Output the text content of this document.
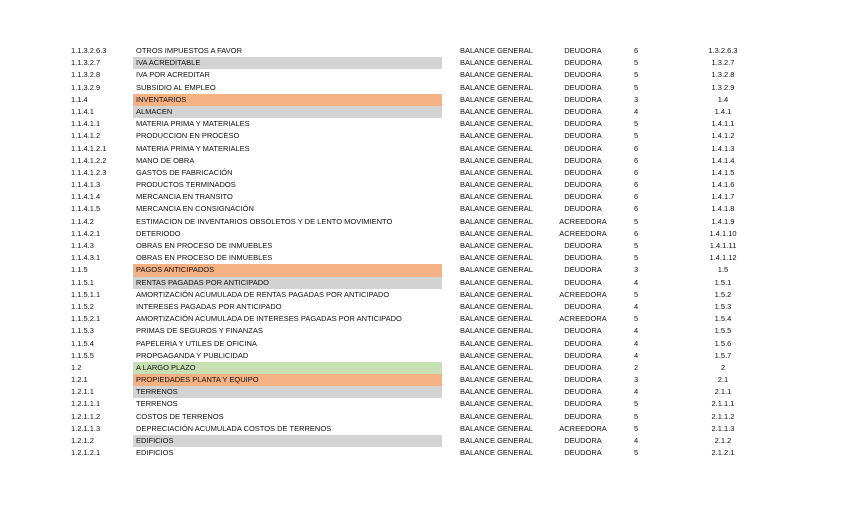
1.1.3.2.6.3	OTROS IMPUESTOS A FAVOR	BALANCE GENERAL	DEUDORA	6	1.3.2.6.3
1.1.3.2.7	IVA ACREDITABLE	BALANCE GENERAL	DEUDORA	5	1.3.2.7
1.1.3.2.8	IVA POR ACREDITAR	BALANCE GENERAL	DEUDORA	5	1.3.2.8
1.1.3.2.9	SUBSIDIO AL EMPLEO	BALANCE GENERAL	DEUDORA	5	1.3.2.9
1.1.4	INVENTARIOS	BALANCE GENERAL	DEUDORA	3	1.4
1.1.4.1	ALMACEN	BALANCE GENERAL	DEUDORA	4	1.4.1
1.1.4.1.1	MATERIA PRIMA Y MATERIALES	BALANCE GENERAL	DEUDORA	5	1.4.1.1
1.1.4.1.2	PRODUCCION EN PROCESO	BALANCE GENERAL	DEUDORA	5	1.4.1.2
1.1.4.1.2.1	MATERIA PRIMA Y MATERIALES	BALANCE GENERAL	DEUDORA	6	1.4.1.3
1.1.4.1.2.2	MANO DE OBRA	BALANCE GENERAL	DEUDORA	6	1.4.1.4
1.1.4.1.2.3	GASTOS DE FABRICACIÓN	BALANCE GENERAL	DEUDORA	6	1.4.1.5
1.1.4.1.3	PRODUCTOS TERMINADOS	BALANCE GENERAL	DEUDORA	6	1.4.1.6
1.1.4.1.4	MERCANCIA EN TRANSITO	BALANCE GENERAL	DEUDORA	6	1.4.1.7
1.1.4.1.5	MERCANCIA EN CONSIGNACIÓN	BALANCE GENERAL	DEUDORA	6	1.4.1.8
1.1.4.2	ESTIMACION DE INVENTARIOS OBSOLETOS Y DE LENTO MOVIMIENTO	BALANCE GENERAL	ACREEDORA	5	1.4.1.9
1.1.4.2.1	DETERIODO	BALANCE GENERAL	ACREEDORA	6	1.4.1.10
1.1.4.3	OBRAS EN PROCESO DE INMUEBLES	BALANCE GENERAL	DEUDORA	5	1.4.1.11
1.1.4.3.1	OBRAS EN PROCESO DE INMUEBLES	BALANCE GENERAL	DEUDORA	5	1.4.1.12
1.1.5	PAGOS ANTICIPADOS	BALANCE GENERAL	DEUDORA	3	1.5
1.1.5.1	RENTAS PAGADAS POR ANTICIPADO	BALANCE GENERAL	DEUDORA	4	1.5.1
1.1.5.1.1	AMORTIZACIÓN ACUMULADA DE RENTAS PAGADAS POR ANTICIPADO	BALANCE GENERAL	ACREEDORA	5	1.5.2
1.1.5.2	INTERESES PAGADAS POR ANTICIPADO	BALANCE GENERAL	DEUDORA	4	1.5.3
1.1.5.2.1	AMORTIZACIÓN ACUMULADA DE INTERESES PAGADAS POR ANTICIPADO	BALANCE GENERAL	ACREEDORA	5	1.5.4
1.1.5.3	PRIMAS DE SEGUROS Y FINANZAS	BALANCE GENERAL	DEUDORA	4	1.5.5
1.1.5.4	PAPELERIA Y UTILES DE OFICINA	BALANCE GENERAL	DEUDORA	4	1.5.6
1.1.5.5	PROPGAGANDA Y PUBLICIDAD	BALANCE GENERAL	DEUDORA	4	1.5.7
1.2	A LARGO PLAZO	BALANCE GENERAL	DEUDORA	2	2
1.2.1	PROPIEDADES PLANTA Y EQUIPO	BALANCE GENERAL	DEUDORA	3	2.1
1.2.1.1	TERRENOS	BALANCE GENERAL	DEUDORA	4	2.1.1
1.2.1.1.1	TERRENOS	BALANCE GENERAL	DEUDORA	5	2.1.1.1
1.2.1.1.2	COSTOS DE TERRENOS	BALANCE GENERAL	DEUDORA	5	2.1.1.2
1.2.1.1.3	DEPRECIACIÓN ACUMULADA COSTOS DE TERRENOS	BALANCE GENERAL	ACREEDORA	5	2.1.1.3
1.2.1.2	EDIFICIOS	BALANCE GENERAL	DEUDORA	4	2.1.2
1.2.1.2.1	EDIFICIOS	BALANCE GENERAL	DEUDORA	5	2.1.2.1
